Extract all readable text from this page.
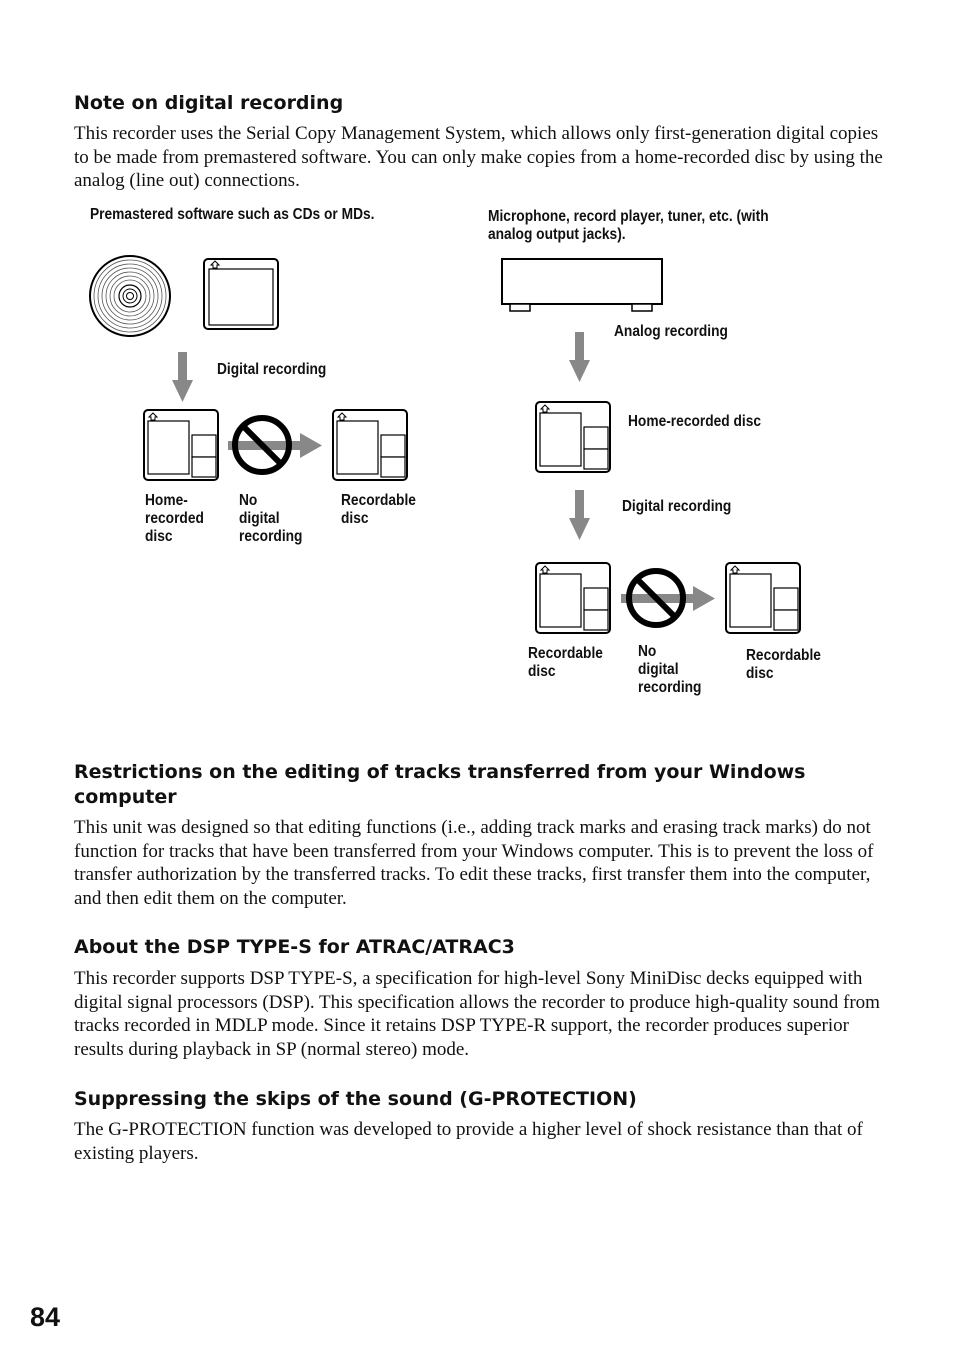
Note on digital recording
This recorder uses the Serial Copy Management System, which allows only first-generation digital copies to be made from premastered software. You can only make copies from a home-recorded disc by using the analog (line out) connections.
Premastered software such as CDs or MDs.
Digital recording
Home-
recorded
disc
No
digital
recording
Recordable
disc
Microphone, record player, tuner, etc. (with
analog output jacks).
Analog recording
Home-recorded disc
Digital recording
Recordable
disc
No
digital
recording
Recordable
disc
Restrictions on the editing of tracks transferred from your Windows computer
This unit was designed so that editing functions (i.e., adding track marks and erasing track marks) do not function for tracks that have been transferred from your Windows computer. This is to prevent the loss of transfer authorization by the transferred tracks. To edit these tracks, first transfer them into the computer, and then edit them on the computer.
About the DSP TYPE-S for ATRAC/ATRAC3
This recorder supports DSP TYPE-S, a specification for high-level Sony MiniDisc decks equipped with digital signal processors (DSP). This specification allows the recorder to produce high-quality sound from tracks recorded in MDLP mode. Since it retains DSP TYPE-R support, the recorder produces superior results during playback in SP (normal stereo) mode.
Suppressing the skips of the sound (G-PROTECTION)
The G-PROTECTION function was developed to provide a higher level of shock resistance than that of existing players.
84
